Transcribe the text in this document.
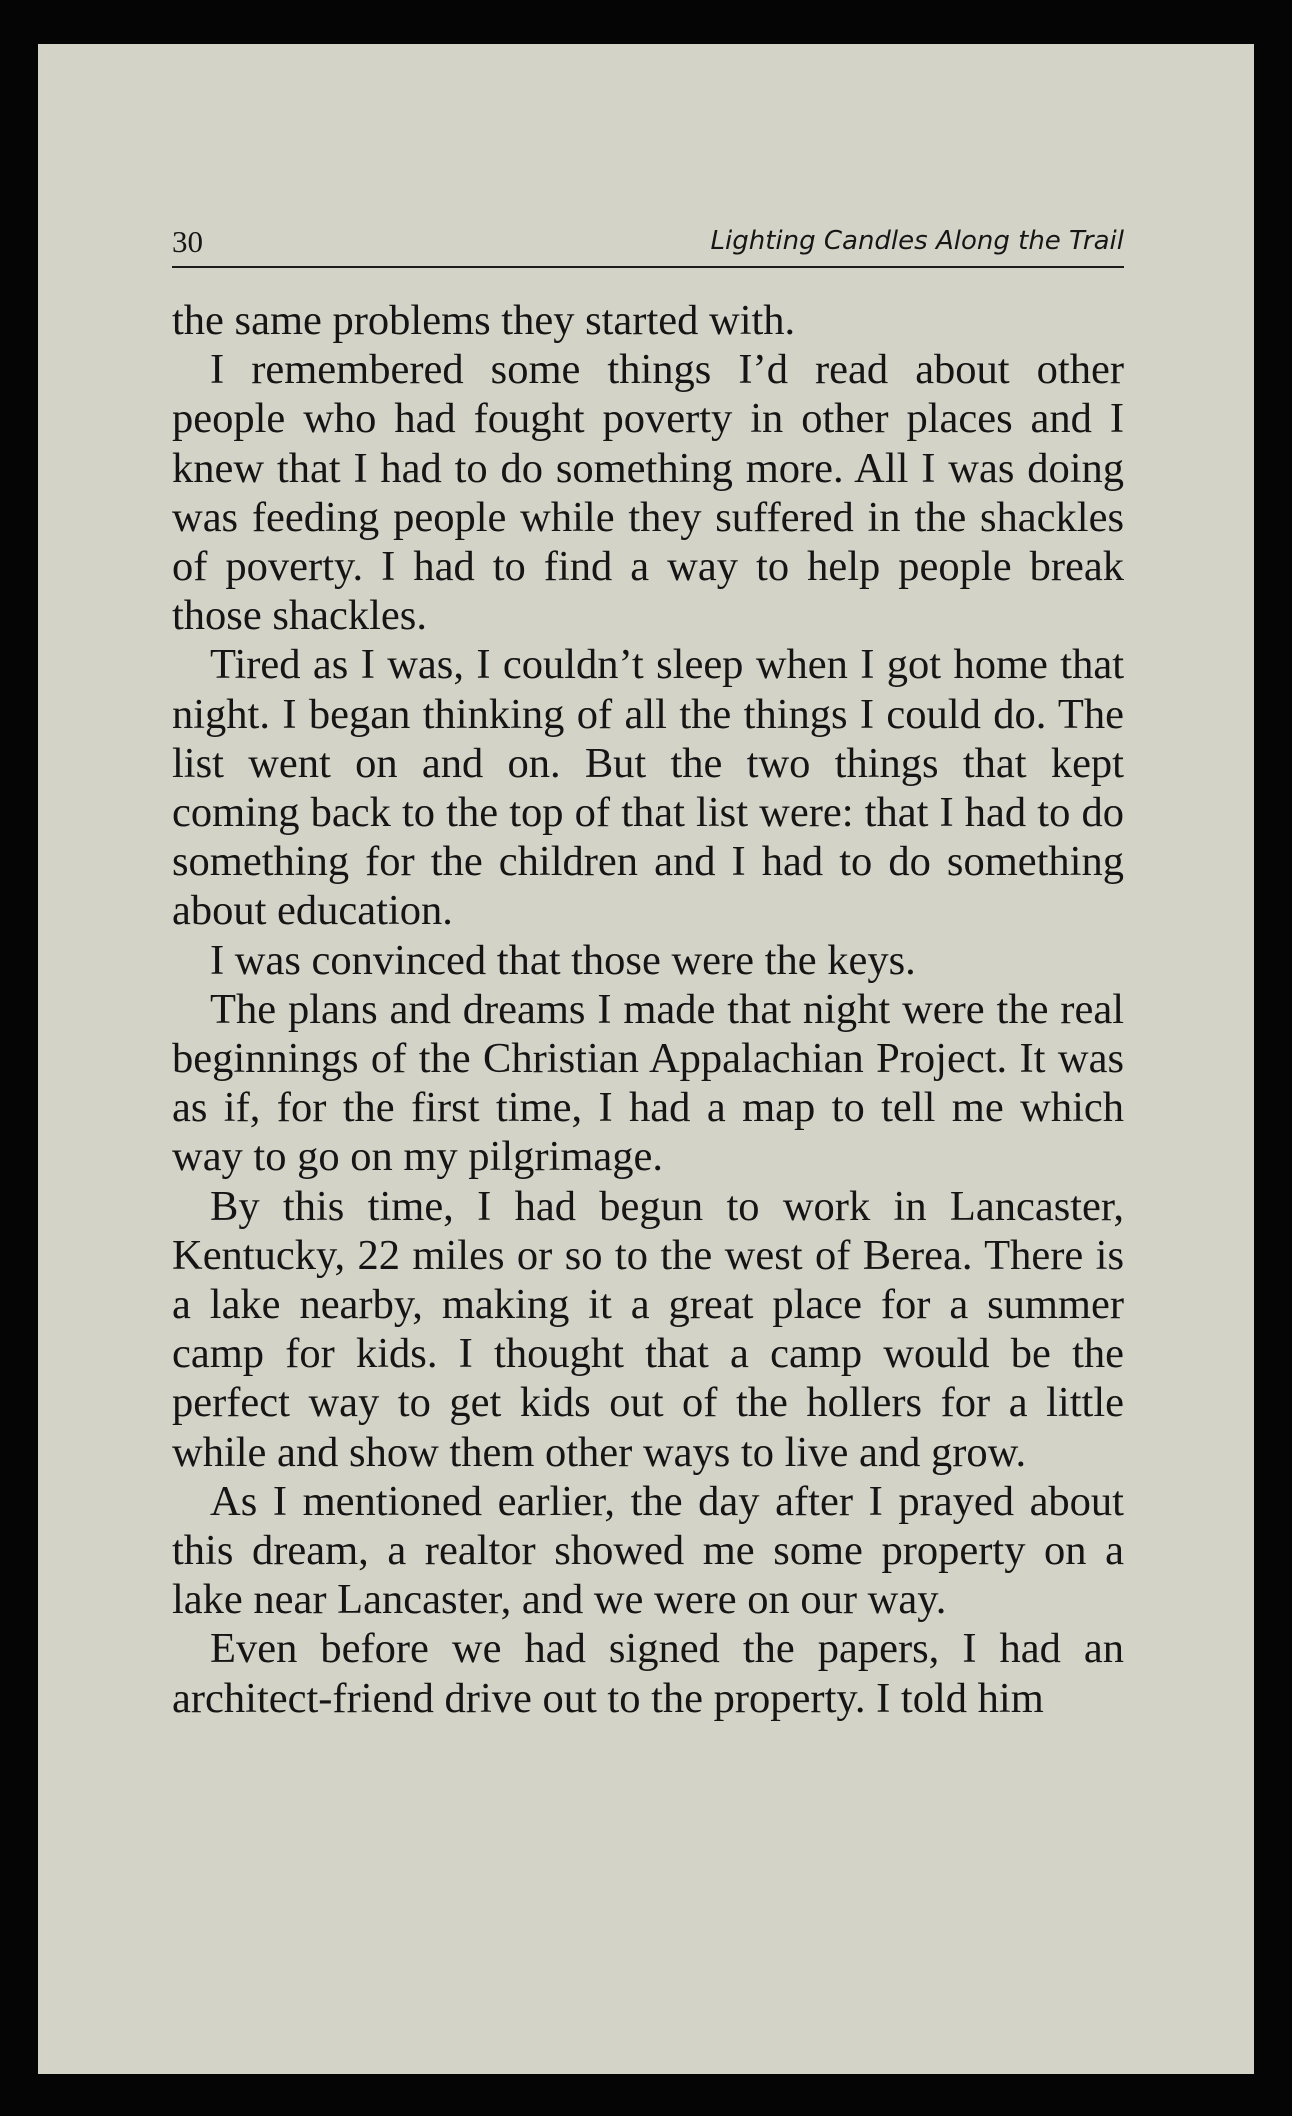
30	Lighting Candles Along the Trail

the same problems they started with.

I remembered some things I’d read about other people who had fought poverty in other places and I knew that I had to do something more. All I was doing was feeding people while they suffered in the shackles of poverty. I had to find a way to help people break those shackles.

Tired as I was, I couldn’t sleep when I got home that night. I began thinking of all the things I could do. The list went on and on. But the two things that kept coming back to the top of that list were: that I had to do something for the children and I had to do something about education.

I was convinced that those were the keys.

The plans and dreams I made that night were the real beginnings of the Christian Appalachian Project. It was as if, for the first time, I had a map to tell me which way to go on my pilgrimage.

By this time, I had begun to work in Lancaster, Kentucky, 22 miles or so to the west of Berea. There is a lake nearby, making it a great place for a summer camp for kids. I thought that a camp would be the perfect way to get kids out of the hollers for a little while and show them other ways to live and grow.

As I mentioned earlier, the day after I prayed about this dream, a realtor showed me some property on a lake near Lancaster, and we were on our way.

Even before we had signed the papers, I had an architect-friend drive out to the property. I told him
